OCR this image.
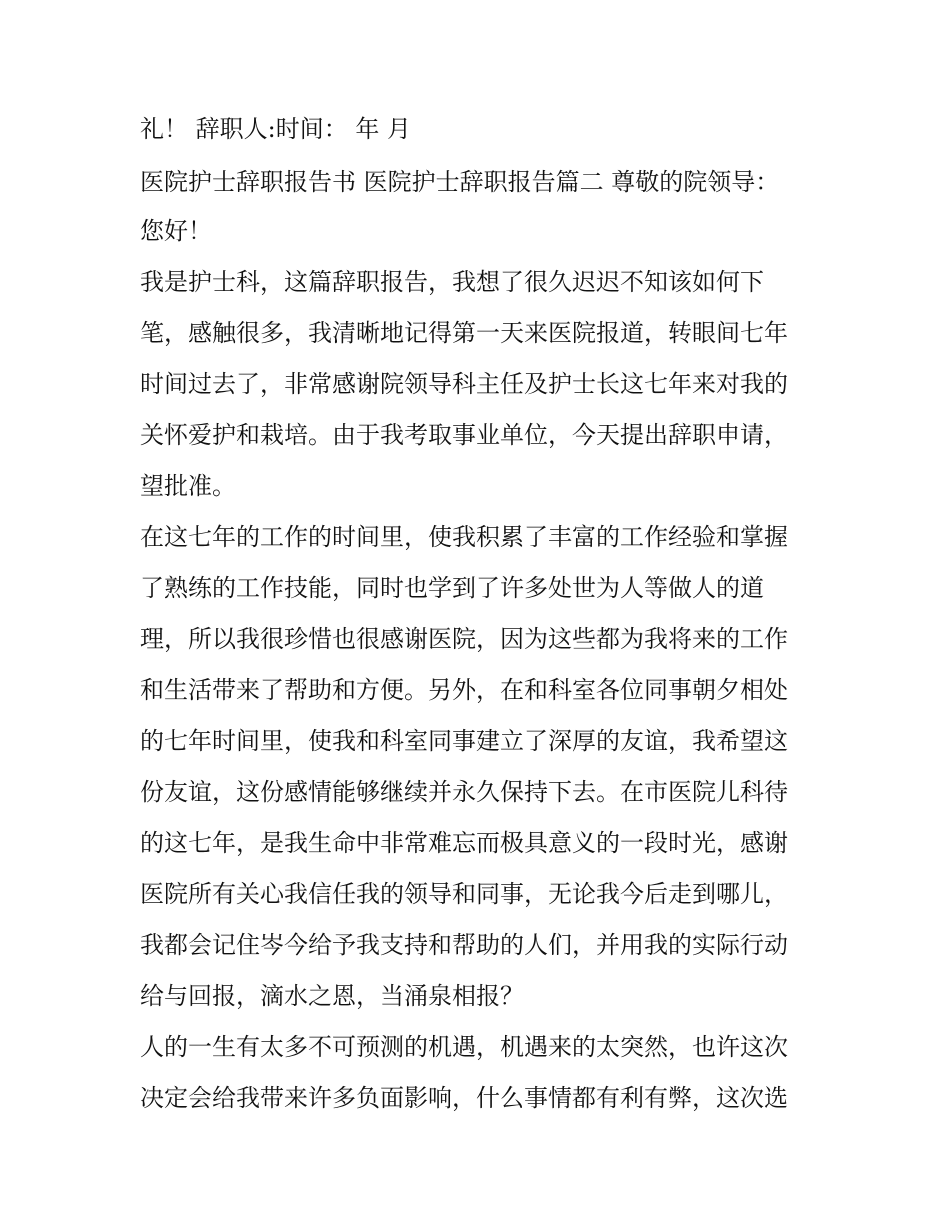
礼！ 辞职人:时间： 年 月
医院护士辞职报告书 医院护士辞职报告篇二 尊敬的院领导：
您好！
我是护士科，这篇辞职报告，我想了很久迟迟不知该如何下
笔，感触很多，我清晰地记得第一天来医院报道，转眼间七年
时间过去了，非常感谢院领导科主任及护士长这七年来对我的
关怀爱护和栽培。由于我考取事业单位，今天提出辞职申请，
望批准。
在这七年的工作的时间里，使我积累了丰富的工作经验和掌握
了熟练的工作技能，同时也学到了许多处世为人等做人的道
理，所以我很珍惜也很感谢医院，因为这些都为我将来的工作
和生活带来了帮助和方便。另外，在和科室各位同事朝夕相处
的七年时间里，使我和科室同事建立了深厚的友谊，我希望这
份友谊，这份感情能够继续并永久保持下去。在市医院儿科待
的这七年，是我生命中非常难忘而极具意义的一段时光，感谢
医院所有关心我信任我的领导和同事，无论我今后走到哪儿，
我都会记住岑今给予我支持和帮助的人们，并用我的实际行动
给与回报，滴水之恩，当涌泉相报？
人的一生有太多不可预测的机遇，机遇来的太突然，也许这次
决定会给我带来许多负面影响，什么事情都有利有弊，这次选
